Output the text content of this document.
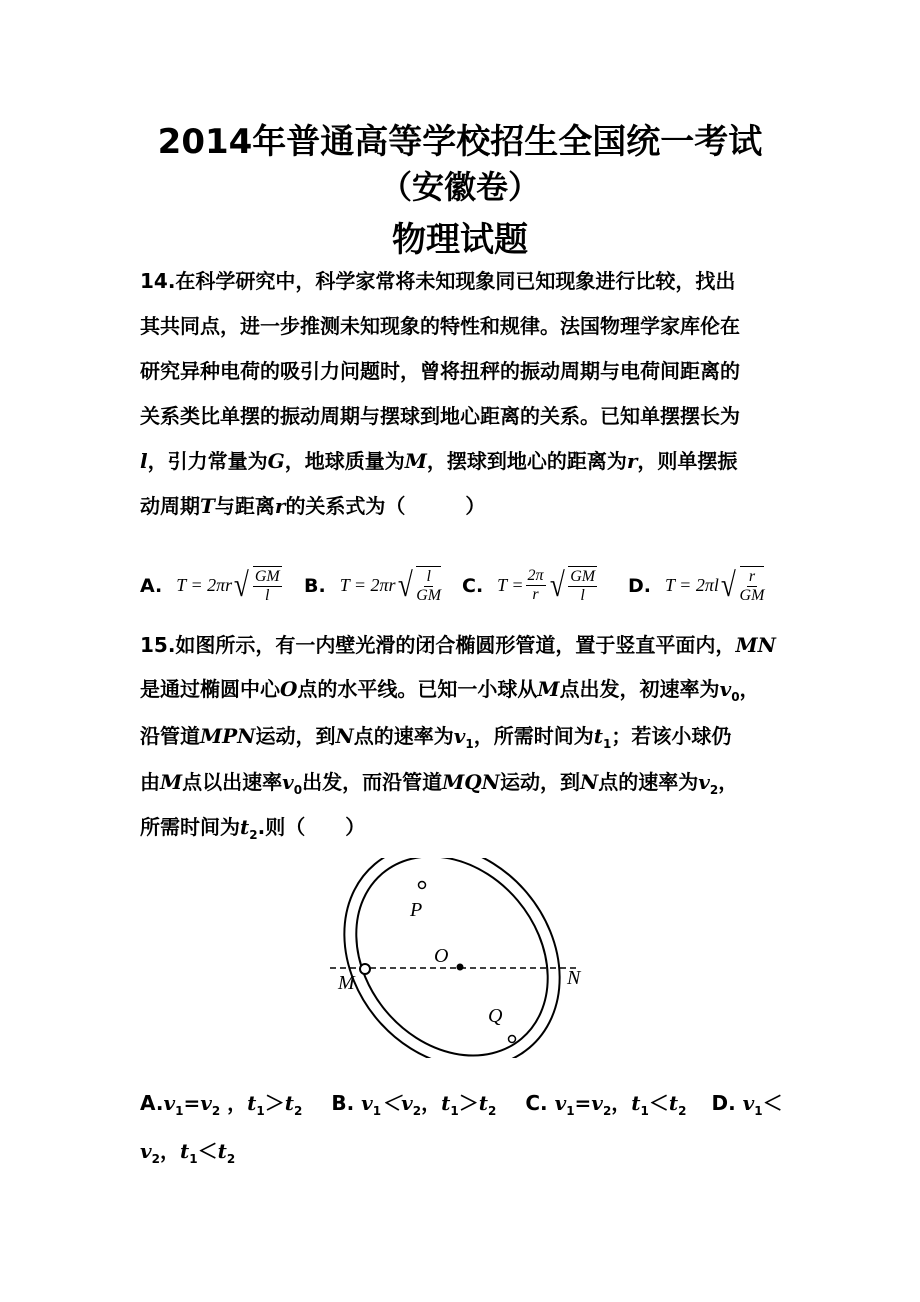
2014年普通高等学校招生全国统一考试
（安徽卷）
物理试题
14.在科学研究中，科学家常将未知现象同已知现象进行比较，找出
其共同点，进一步推测未知现象的特性和规律。法国物理学家库伦在
研究异种电荷的吸引力问题时，曾将扭秤的振动周期与电荷间距离的
关系类比单摆的振动周期与摆球到地心距离的关系。已知单摆摆长为
l，引力常量为G，地球质量为M，摆球到地心的距离为r，则单摆振
动周期T与距离r的关系式为（　　　）
A. T = 2πr √ $\frac{GM}{l} B$. T = 2πr √ $\frac{l}{GM} C$. $T = \frac{2\pi}{r}$ √ $\frac{GM}{l} D$. T = 2πl √ $\frac{r}{GM}$
15.如图所示，有一内壁光滑的闭合椭圆形管道，置于竖直平面内，MN
是通过椭圆中心O点的水平线。已知一小球从M点出发，初速率为$v_0$，
沿管道MPN运动，到N点的速率为$v_1$，所需时间为$t_1$；若该小球仍
由M点以出速率$v_0$出发，而沿管道MQN运动，到N点的速率为$v_2$，
所需时间为$t_2$.则（　　）
P
O
M	N
Q
$A.v_1=v_2$ ，$t_1>t_2$ B. $v_1<v_2$，$t_1>t_2$ C. $v_1=v_2$，$t_1<t_2$ D. $v_1<$
$v_2$，$t_1<t_2$
